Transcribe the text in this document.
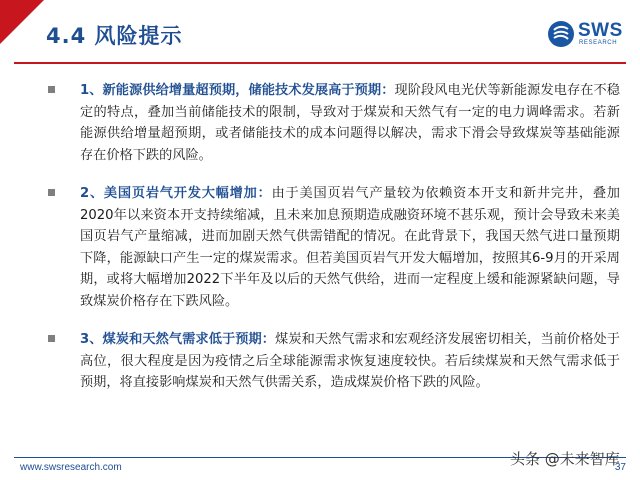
4.4 风险提示	SWS
RESEARCH
1、新能源供给增量超预期，储能技术发展高于预期：现阶段风电光伏等新能源发电存在不稳定的特点，叠加当前储能技术的限制，导致对于煤炭和天然气有一定的电力调峰需求。若新能源供给增量超预期，或者储能技术的成本问题得以解决，需求下滑会导致煤炭等基础能源存在价格下跌的风险。
2、美国页岩气开发大幅增加：由于美国页岩气产量较为依赖资本开支和新井完井，叠加2020年以来资本开支持续缩减，且未来加息预期造成融资环境不甚乐观，预计会导致未来美国页岩气产量缩减，进而加剧天然气供需错配的情况。在此背景下，我国天然气进口量预期下降，能源缺口产生一定的煤炭需求。但若美国页岩气开发大幅增加，按照其6-9月的开采周期，或将大幅增加2022下半年及以后的天然气供给，进而一定程度上缓和能源紧缺问题，导致煤炭价格存在下跌风险。
3、煤炭和天然气需求低于预期：煤炭和天然气需求和宏观经济发展密切相关，当前价格处于高位，很大程度是因为疫情之后全球能源需求恢复速度较快。若后续煤炭和天然气需求低于预期，将直接影响煤炭和天然气供需关系，造成煤炭价格下跌的风险。
www.swsresearch.com	头条 @未来智库
37
